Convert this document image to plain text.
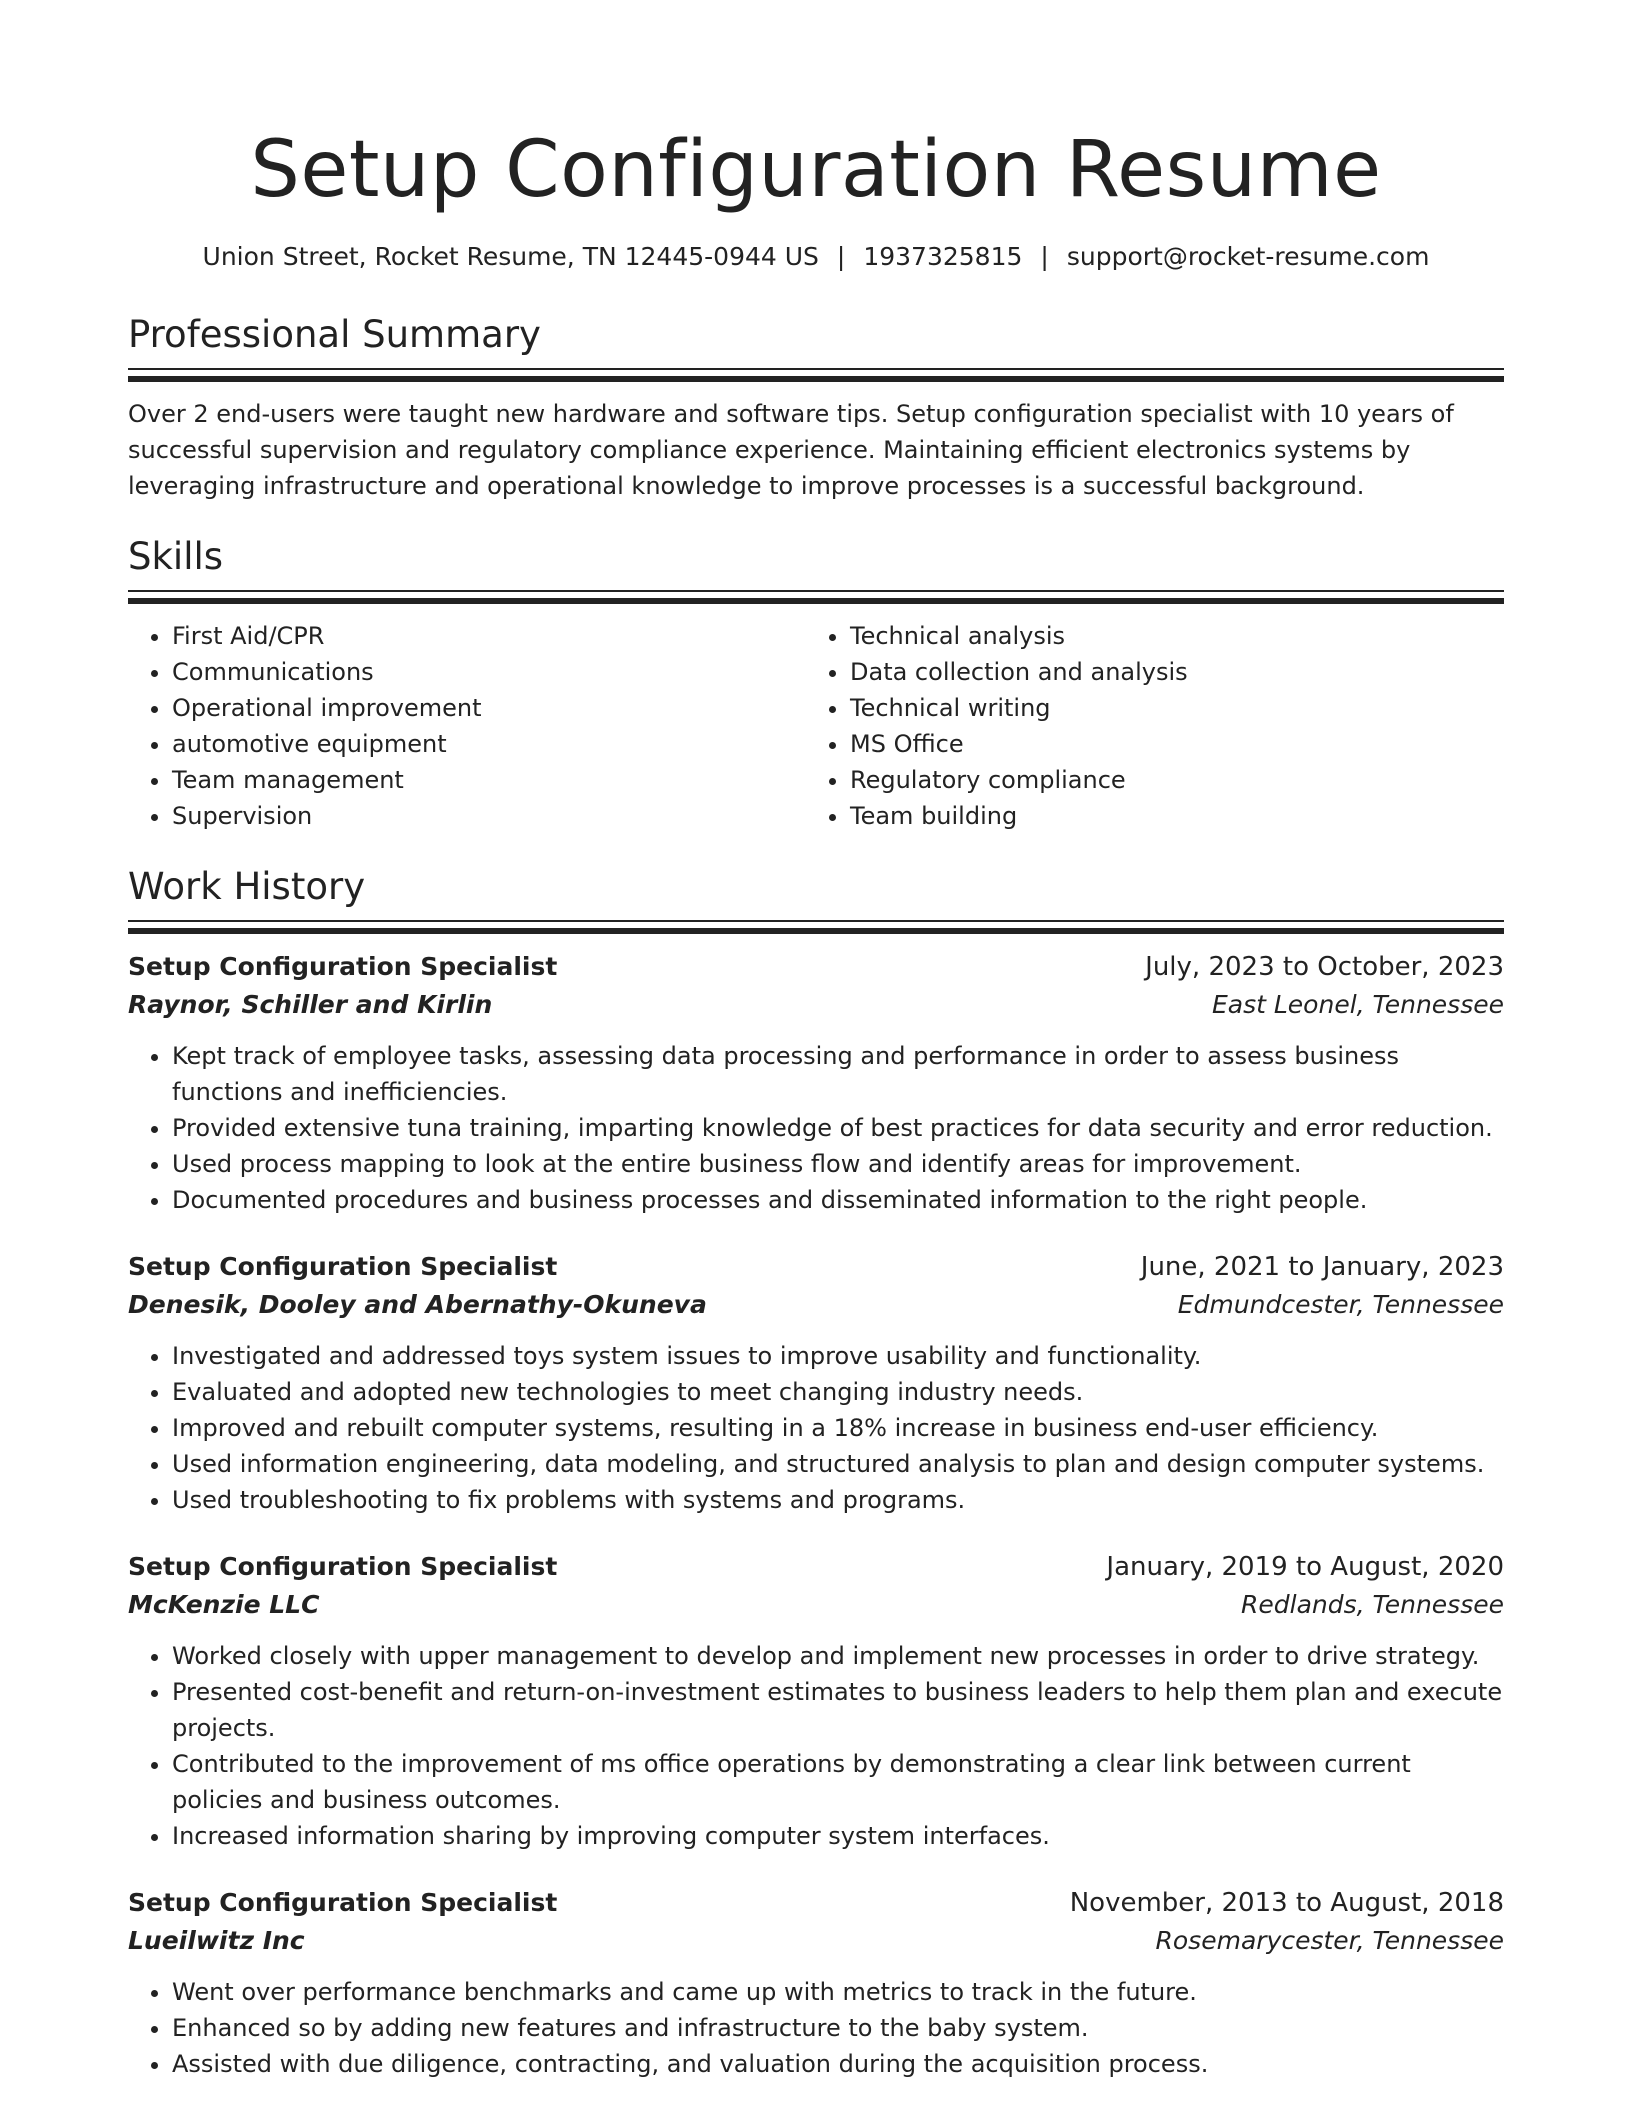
Setup Configuration Resume
Union Street, Rocket Resume, TN 12445-0944 US | 1937325815 | support@rocket-resume.com
Professional Summary

Over 2 end-users were taught new hardware and software tips. Setup configuration specialist with 10 years of successful supervision and regulatory compliance experience. Maintaining efficient electronics systems by leveraging infrastructure and operational knowledge to improve processes is a successful background.

Skills
• First Aid/CPR
• Communications
• Operational improvement
• automotive equipment
• Team management
• Supervision
• Technical analysis
• Data collection and analysis
• Technical writing
• MS Office
• Regulatory compliance
• Team building
Work History
Setup Configuration Specialist	July, 2023 to October, 2023
Raynor, Schiller and Kirlin	East Leonel, Tennessee
• Kept track of employee tasks, assessing data processing and performance in order to assess business functions and inefficiencies.
• Provided extensive tuna training, imparting knowledge of best practices for data security and error reduction.
• Used process mapping to look at the entire business flow and identify areas for improvement.
• Documented procedures and business processes and disseminated information to the right people.
Setup Configuration Specialist	June, 2021 to January, 2023
Denesik, Dooley and Abernathy-Okuneva	Edmundcester, Tennessee
• Investigated and addressed toys system issues to improve usability and functionality.
• Evaluated and adopted new technologies to meet changing industry needs.
• Improved and rebuilt computer systems, resulting in a 18% increase in business end-user efficiency.
• Used information engineering, data modeling, and structured analysis to plan and design computer systems.
• Used troubleshooting to fix problems with systems and programs.
Setup Configuration Specialist	January, 2019 to August, 2020
McKenzie LLC	Redlands, Tennessee
• Worked closely with upper management to develop and implement new processes in order to drive strategy.
• Presented cost-benefit and return-on-investment estimates to business leaders to help them plan and execute projects.
• Contributed to the improvement of ms office operations by demonstrating a clear link between current policies and business outcomes.
• Increased information sharing by improving computer system interfaces.
Setup Configuration Specialist	November, 2013 to August, 2018
Lueilwitz Inc	Rosemarycester, Tennessee
• Went over performance benchmarks and came up with metrics to track in the future.
• Enhanced so by adding new features and infrastructure to the baby system.
• Assisted with due diligence, contracting, and valuation during the acquisition process.
